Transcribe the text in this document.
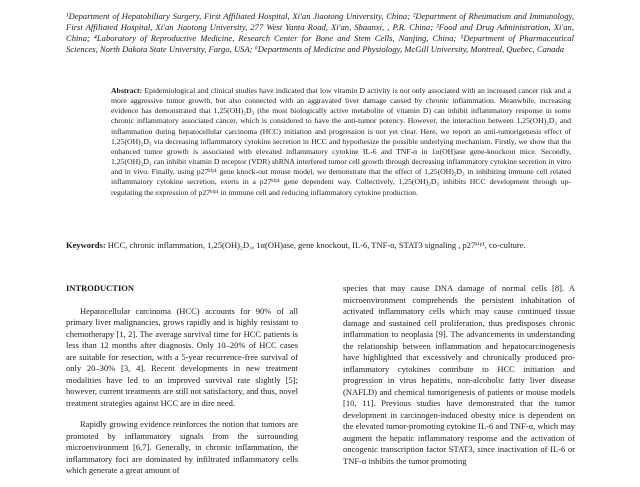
¹Department of Hepatobiliary Surgery, First Affiliated Hospital, Xi'an Jiaotong University, China; ²Department of Rheumatism and Immunology, First Affiliated Hospital, Xi'an Jiaotong University, 277 West Yanta Road, Xi'an, Shaanxi, , P.R. China; ³Food and Drug Administration, Xi'an, China; ⁴Laboratory of Reproductive Medicine, Research Center for Bone and Stem Cells, Nanjing, China; ⁵Department of Pharmaceutical Sciences, North Dakota State University, Fargo, USA; ⁶Departments of Medicine and Physiology, McGill University, Montreal, Quebec, Canada
Abstract: Epidemiological and clinical studies have indicated that low vitamin D activity is not only associated with an increased cancer risk and a more aggressive tumor growth, but also connected with an aggravated liver damage caused by chronic inflammation. Meanwhile, increasing evidence has demonstrated that 1,25(OH)₂D₃ (the most biologically active metabolite of vitamin D) can inhibit inflammatory response in some chronic inflammatory associated cancer, which is considered to have the anti-tumor potency. However, the interaction between 1,25(OH)₂D₃ and inflammation during hepatocellular carcinoma (HCC) initiation and progression is not yet clear. Here, we report an anti-tumorigenesis effect of 1,25(OH)₂D₃ via decreasing inflammatory cytokine secretion in HCC and hypothesize the possible underlying mechanism. Firstly, we show that the enhanced tumor growth is associated with elevated inflammatory cytokine IL-6 and TNF-α in 1α(OH)ase gene-knockout mice. Secondly, 1,25(OH)₂D₃ can inhibit vitamin D receptor (VDR) shRNA interfered tumor cell growth through decreasing inflammatory cytokine secretion in vitro and in vivo. Finally, using p27ᵏⁱᵖ¹ gene knock-out mouse model, we demonstrate that the effect of 1,25(OH)₂D₃ in inhibiting immune cell related inflammatory cytokine secretion, exerts in a p27ᵏⁱᵖ¹ gene dependent way. Collectively, 1,25(OH)₂D₃ inhibits HCC development through up-regulating the expression of p27ᵏⁱᵖ¹ in immune cell and reducing inflammatory cytokine production.
Keywords: HCC, chronic inflammation, 1,25(OH)₂D₃, 1α(OH)ase, gene knockout, IL-6, TNF-α, STAT3 signaling , p27ᵏⁱᵖ¹, co-culture.
INTRODUCTION

Hepatocellular carcinoma (HCC) accounts for 90% of all primary liver malignancies, grows rapidly and is highly resistant to chemotherapy [1, 2]. The average survival time for HCC patients is less than 12 months after diagnosis. Only 10–20% of HCC cases are suitable for resection, with a 5-year recurrence-free survival of only 20–30% [3, 4]. Recent developments in new treatment modalities have led to an improved survival rate slightly [5]; however, current treatments are still not satisfactory, and thus, novel treatment strategies against HCC are in dire need.

Rapidly growing evidence reinforces the notion that tumors are promoted by inflammatory signals from the surrounding microenvironment [6,7]. Generally, in chronic inflammation, the inflammatory foci are dominated by infiltrated inflammatory cells which generate a great amount of

species that may cause DNA damage of normal cells [8]. A microenvironment comprehends the persistent inhabitation of activated inflammatory cells which may cause continued tissue damage and sustained cell proliferation, thus predisposes chronic inflammation to neoplasia [9]. The advancements in understanding the relationship between inflammation and hepatocarcinogenesis have highlighted that excessively and chronically produced pro-inflammatory cytokines contribute to HCC initiation and progression in virus hepatitis, non-alcoholic fatty liver disease (NAFLD) and chemical tumorigenesis of patients or mouse models [10, 11]. Previous studies have demonstrated that the tumor development in carcinogen-induced obesity mice is dependent on the elevated tumor-promoting cytokine IL-6 and TNF-α, which may augment the hepatic inflammatory response and the activation of oncogenic transcription factor STAT3, since inactivation of IL-6 or TNF-α inhibits the tumor promoting
